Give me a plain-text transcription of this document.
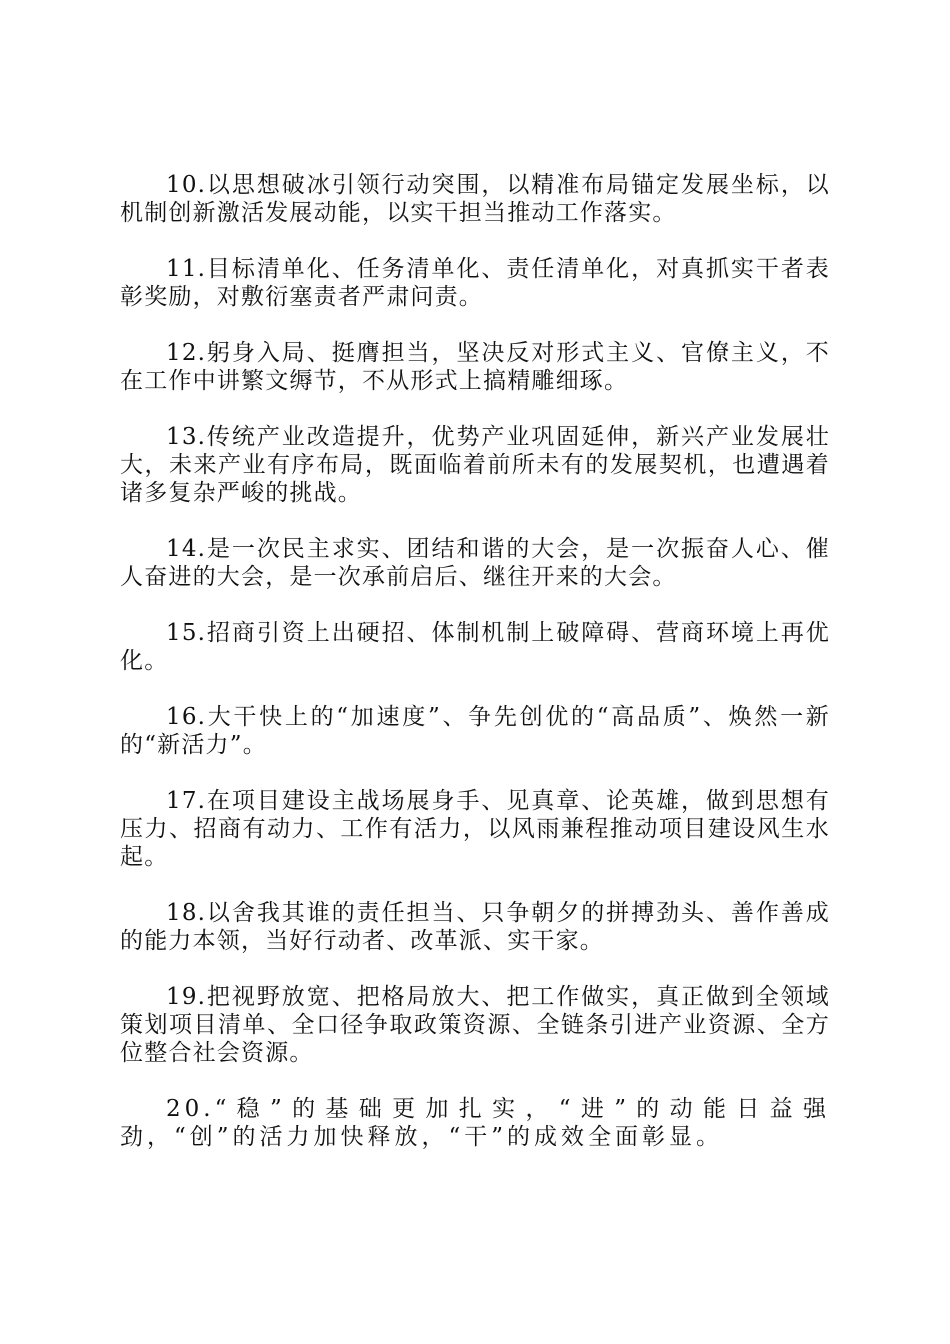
10.以思想破冰引领行动突围，以精准布局锚定发展坐标，以机制创新激活发展动能，以实干担当推动工作落实。

11.目标清单化、任务清单化、责任清单化，对真抓实干者表彰奖励，对敷衍塞责者严肃问责。

12.躬身入局、挺膺担当，坚决反对形式主义、官僚主义，不在工作中讲繁文缛节，不从形式上搞精雕细琢。

13.传统产业改造提升，优势产业巩固延伸，新兴产业发展壮大，未来产业有序布局，既面临着前所未有的发展契机，也遭遇着诸多复杂严峻的挑战。

14.是一次民主求实、团结和谐的大会，是一次振奋人心、催人奋进的大会，是一次承前启后、继往开来的大会。

15.招商引资上出硬招、体制机制上破障碍、营商环境上再优化。

16.大干快上的“加速度”、争先创优的“高品质”、焕然一新的“新活力”。

17.在项目建设主战场展身手、见真章、论英雄，做到思想有压力、招商有动力、工作有活力，以风雨兼程推动项目建设风生水起。

18.以舍我其谁的责任担当、只争朝夕的拼搏劲头、善作善成的能力本领，当好行动者、改革派、实干家。

19.把视野放宽、把格局放大、把工作做实，真正做到全领域策划项目清单、全口径争取政策资源、全链条引进产业资源、全方位整合社会资源。

20.“稳”的基础更加扎实，“进”的动能日益强劲，“创”的活力加快释放，“干”的成效全面彰显。
